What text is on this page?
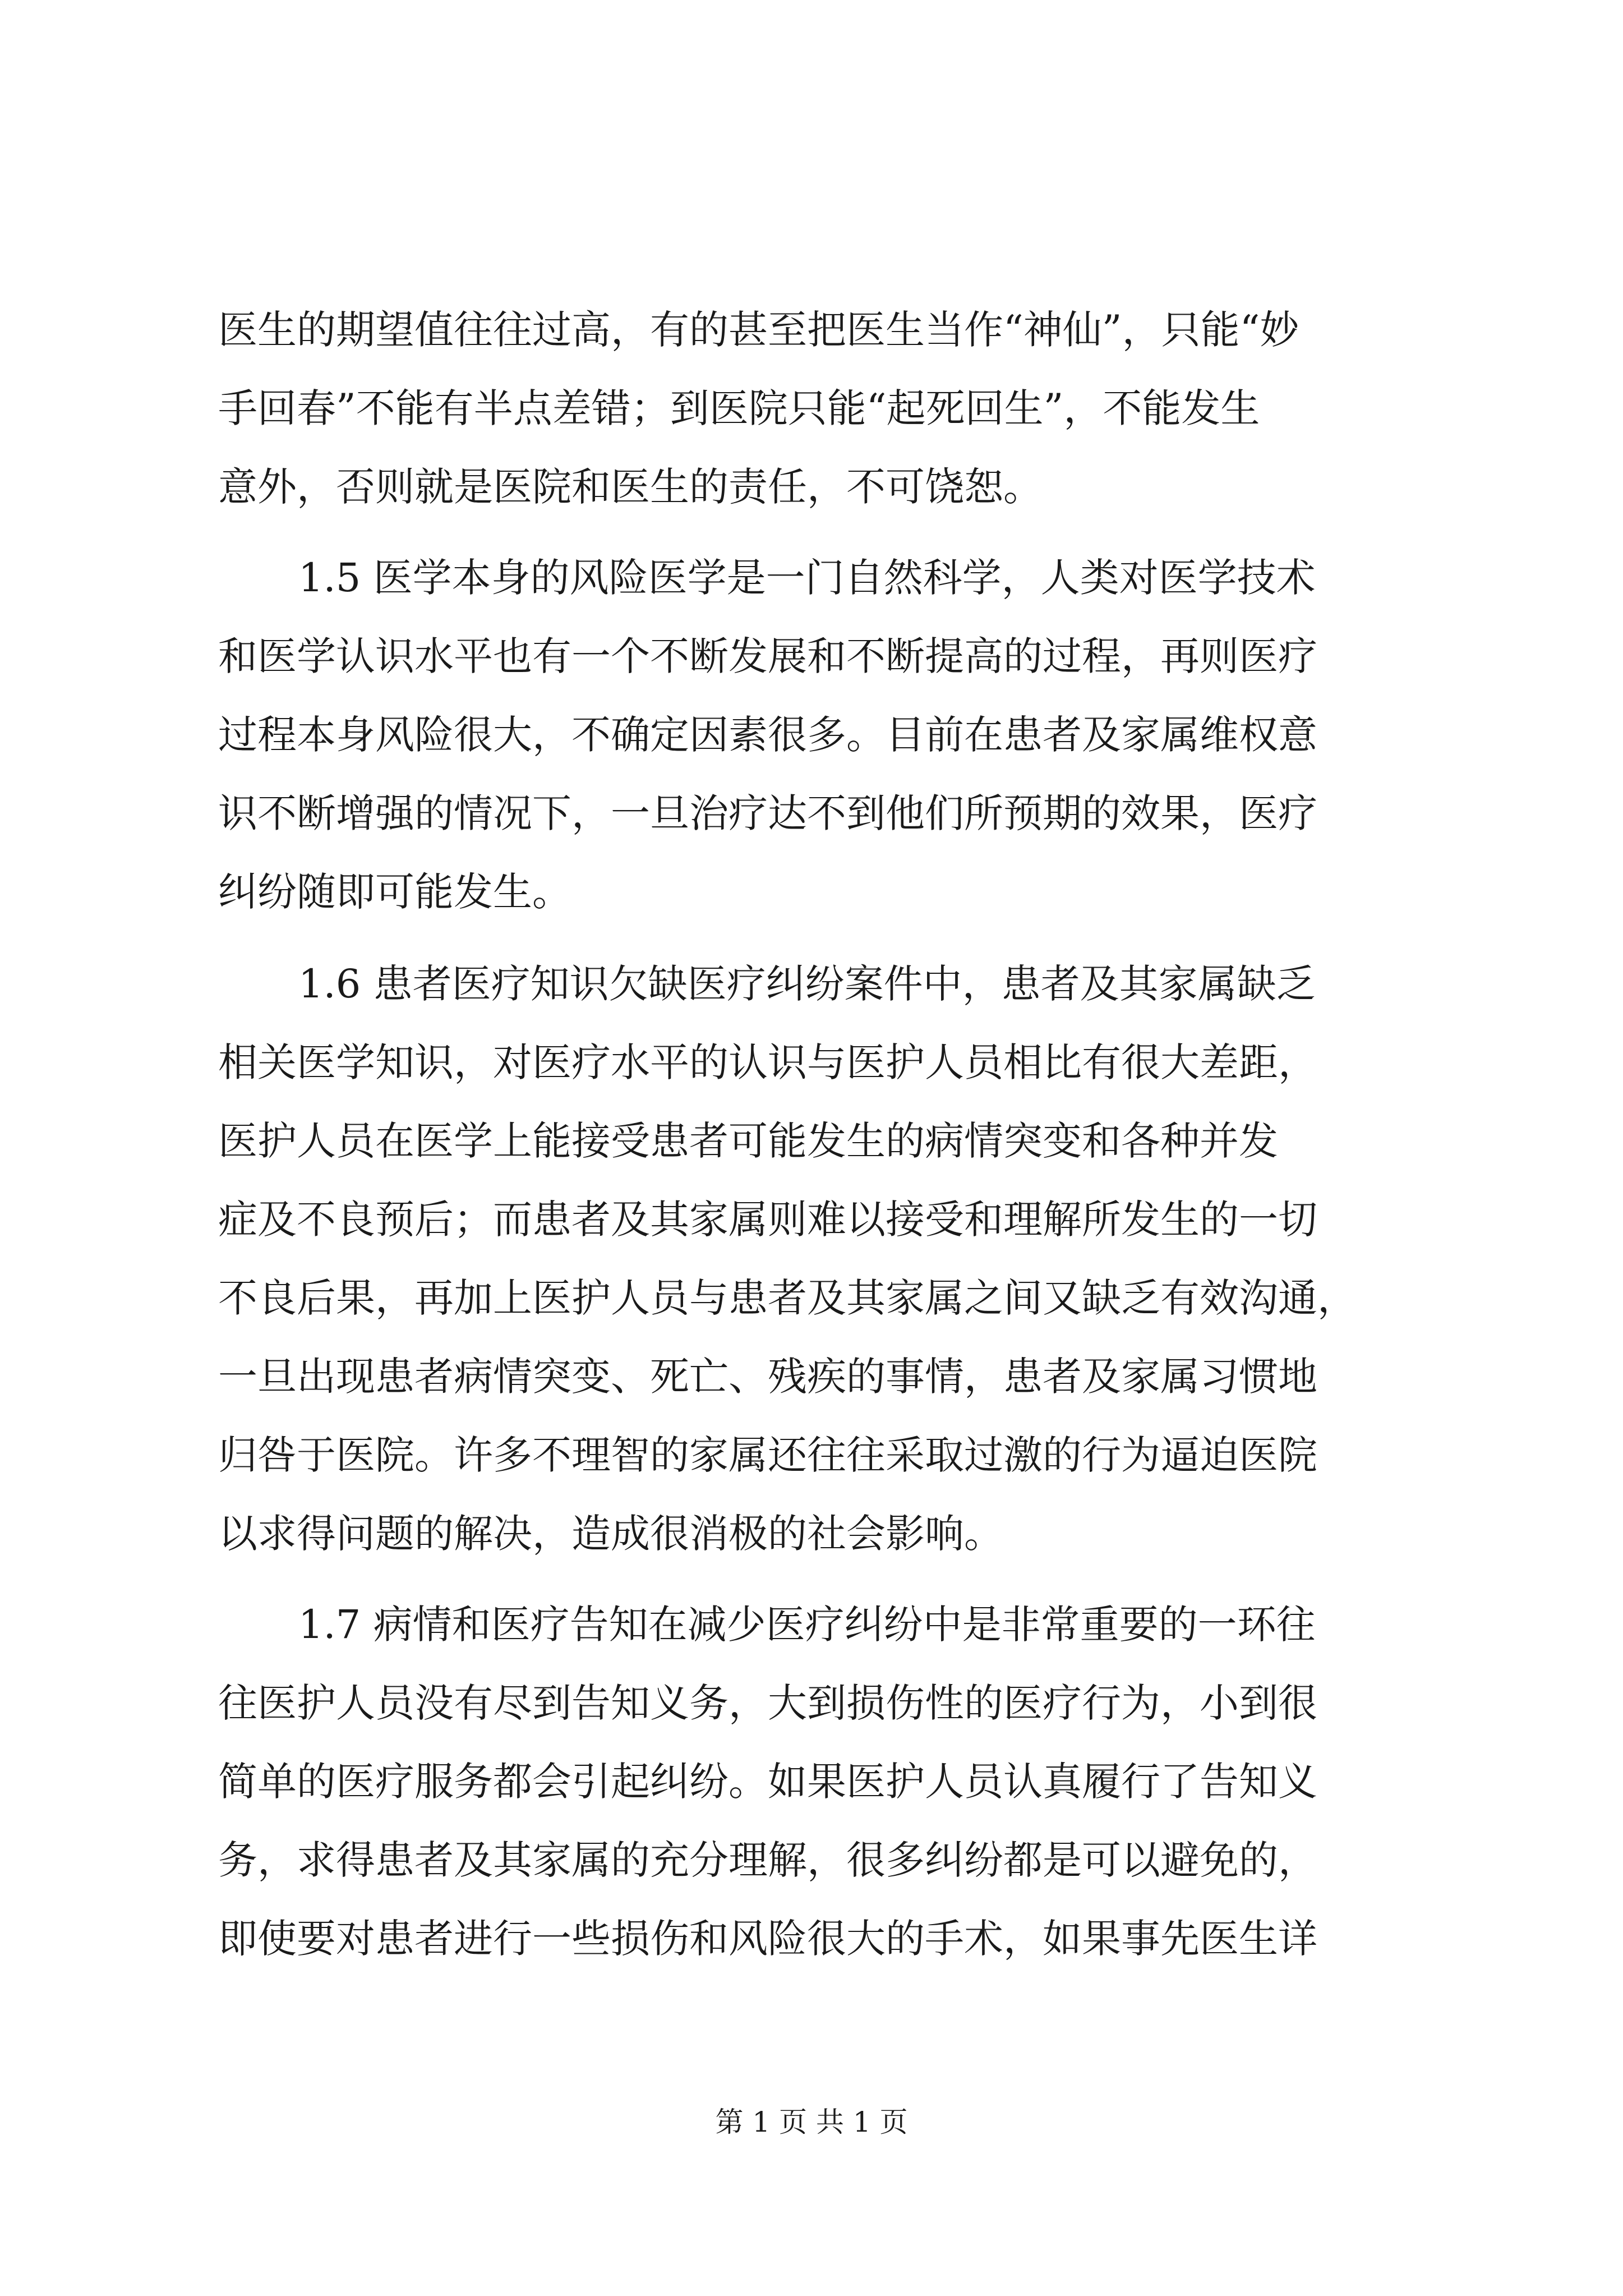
医生的期望值往往过高，有的甚至把医生当作“神仙”，只能“妙
手回春”不能有半点差错；到医院只能“起死回生”，不能发生
意外，否则就是医院和医生的责任，不可饶恕。
1.5 医学本身的风险医学是一门自然科学，人类对医学技术
和医学认识水平也有一个不断发展和不断提高的过程，再则医疗
过程本身风险很大，不确定因素很多。目前在患者及家属维权意
识不断增强的情况下，一旦治疗达不到他们所预期的效果，医疗
纠纷随即可能发生。
1.6 患者医疗知识欠缺医疗纠纷案件中，患者及其家属缺乏
相关医学知识，对医疗水平的认识与医护人员相比有很大差距，
医护人员在医学上能接受患者可能发生的病情突变和各种并发
症及不良预后；而患者及其家属则难以接受和理解所发生的一切
不良后果，再加上医护人员与患者及其家属之间又缺乏有效沟通，
一旦出现患者病情突变、死亡、残疾的事情，患者及家属习惯地
归咎于医院。许多不理智的家属还往往采取过激的行为逼迫医院
以求得问题的解决，造成很消极的社会影响。
1.7 病情和医疗告知在减少医疗纠纷中是非常重要的一环往
往医护人员没有尽到告知义务，大到损伤性的医疗行为，小到很
简单的医疗服务都会引起纠纷。如果医护人员认真履行了告知义
务，求得患者及其家属的充分理解，很多纠纷都是可以避免的，
即使要对患者进行一些损伤和风险很大的手术，如果事先医生详
第 1 页 共 1 页
